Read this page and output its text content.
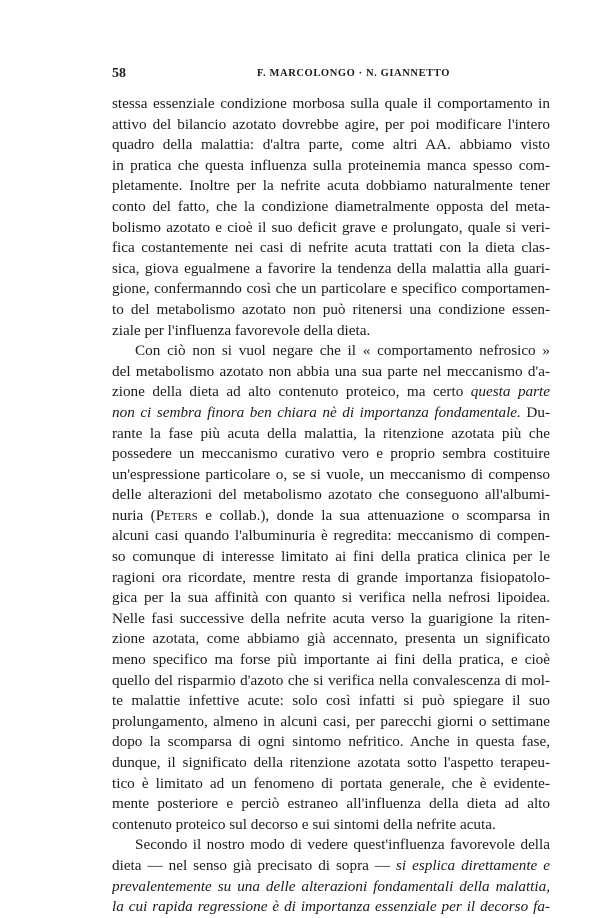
58	F. MARCOLONGO · N. GIANNETTO
stessa essenziale condizione morbosa sulla quale il comportamento in
attivo del bilancio azotato dovrebbe agire, per poi modificare l'intero
quadro della malattia: d'altra parte, come altri AA. abbiamo visto
in pratica che questa influenza sulla proteinemia manca spesso com-
pletamente. Inoltre per la nefrite acuta dobbiamo naturalmente tener
conto del fatto, che la condizione diametralmente opposta del meta-
bolismo azotato e cioè il suo deficit grave e prolungato, quale si veri-
fica costantemente nei casi di nefrite acuta trattati con la dieta clas-
sica, giova egualmene a favorire la tendenza della malattia alla guari-
gione, confermanndo così che un particolare e specifico comportamen-
to del metabolismo azotato non può ritenersi una condizione essen-
ziale per l'influenza favorevole della dieta.
Con ciò non si vuol negare che il « comportamento nefrosico »
del metabolismo azotato non abbia una sua parte nel meccanismo d'a-
zione della dieta ad alto contenuto proteico, ma certo questa parte
non ci sembra finora ben chiara nè di importanza fondamentale. Du-
rante la fase più acuta della malattia, la ritenzione azotata più che
possedere un meccanismo curativo vero e proprio sembra costituire
un'espressione particolare o, se si vuole, un meccanismo di compenso
delle alterazioni del metabolismo azotato che conseguono all'albumi-
nuria (Peters e collab.), donde la sua attenuazione o scomparsa in
alcuni casi quando l'albuminuria è regredita: meccanismo di compen-
so comunque di interesse limitato ai fini della pratica clinica per le
ragioni ora ricordate, mentre resta di grande importanza fisiopatolo-
gica per la sua affinità con quanto si verifica nella nefrosi lipoidea.
Nelle fasi successive della nefrite acuta verso la guarigione la riten-
zione azotata, come abbiamo già accennato, presenta un significato
meno specifico ma forse più importante ai fini della pratica, e cioè
quello del risparmio d'azoto che si verifica nella convalescenza di mol-
te malattie infettive acute: solo così infatti si può spiegare il suo
prolungamento, almeno in alcuni casi, per parecchi giorni o settimane
dopo la scomparsa di ogni sintomo nefritico. Anche in questa fase,
dunque, il significato della ritenzione azotata sotto l'aspetto terapeu-
tico è limitato ad un fenomeno di portata generale, che è evidente-
mente posteriore e perciò estraneo all'influenza della dieta ad alto
contenuto proteico sul decorso e sui sintomi della nefrite acuta.
Secondo il nostro modo di vedere quest'influenza favorevole della
dieta — nel senso già precisato di sopra — si esplica direttamente e
prevalentemente su una delle alterazioni fondamentali della malattia,
la cui rapida regressione è di importanza essenziale per il decorso fa-
